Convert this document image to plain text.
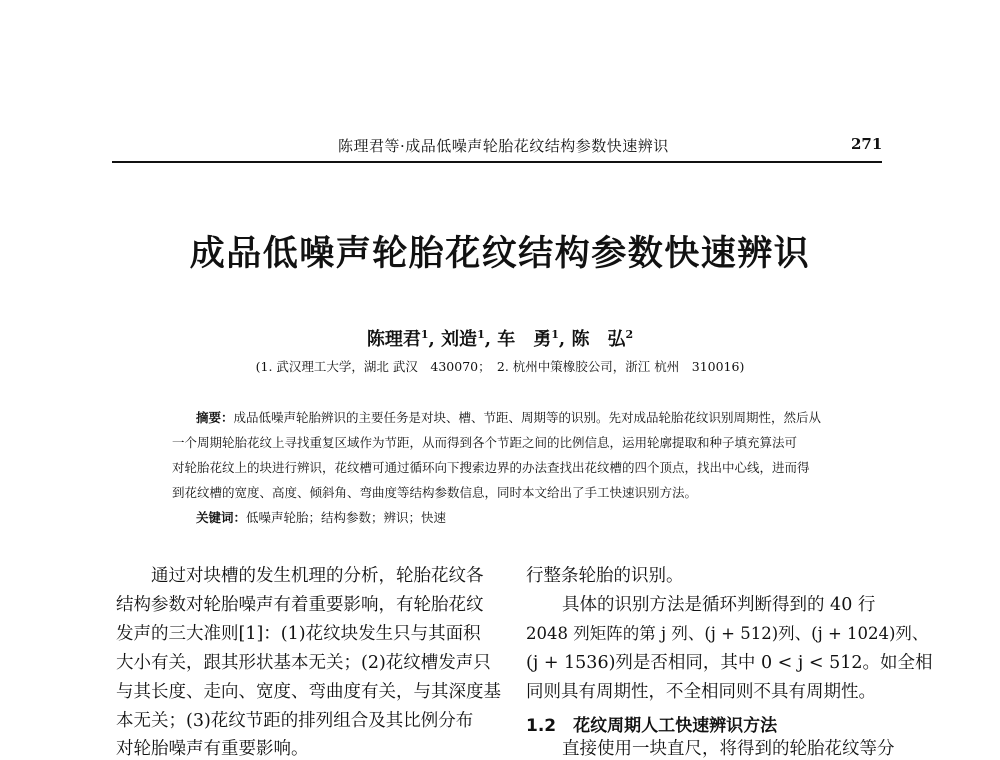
陈理君等·成品低噪声轮胎花纹结构参数快速辨识	271
成品低噪声轮胎花纹结构参数快速辨识
陈理君$^1$, 刘造$^1$, 车　勇$^1$, 陈　弘$^2$
(1. 武汉理工大学，湖北 武汉　430070；　2. 杭州中策橡胶公司，浙江 杭州　310016)
摘要：成品低噪声轮胎辨识的主要任务是对块、槽、节距、周期等的识别。先对成品轮胎花纹识别周期性，然后从
一个周期轮胎花纹上寻找重复区域作为节距，从而得到各个节距之间的比例信息，运用轮廓提取和种子填充算法可
对轮胎花纹上的块进行辨识，花纹槽可通过循环向下搜索边界的办法查找出花纹槽的四个顶点，找出中心线，进而得
到花纹槽的宽度、高度、倾斜角、弯曲度等结构参数信息，同时本文给出了手工快速识别方法。
关键词：低噪声轮胎；结构参数；辨识；快速
通过对块槽的发生机理的分析，轮胎花纹各
结构参数对轮胎噪声有着重要影响，有轮胎花纹
发声的三大准则[1]：(1)花纹块发生只与其面积
大小有关，跟其形状基本无关；(2)花纹槽发声只
与其长度、走向、宽度、弯曲度有关，与其深度基
本无关；(3)花纹节距的排列组合及其比例分布
对轮胎噪声有重要影响。
行整条轮胎的识别。
具体的识别方法是循环判断得到的 40 行
2048 列矩阵的第 j 列、(j + 512)列、(j + 1024)列、
(j + 1536)列是否相同，其中 0 < j < 512。如全相
同则具有周期性，不全相同则不具有周期性。
1.2　花纹周期人工快速辨识方法
直接使用一块直尺，将得到的轮胎花纹等分
